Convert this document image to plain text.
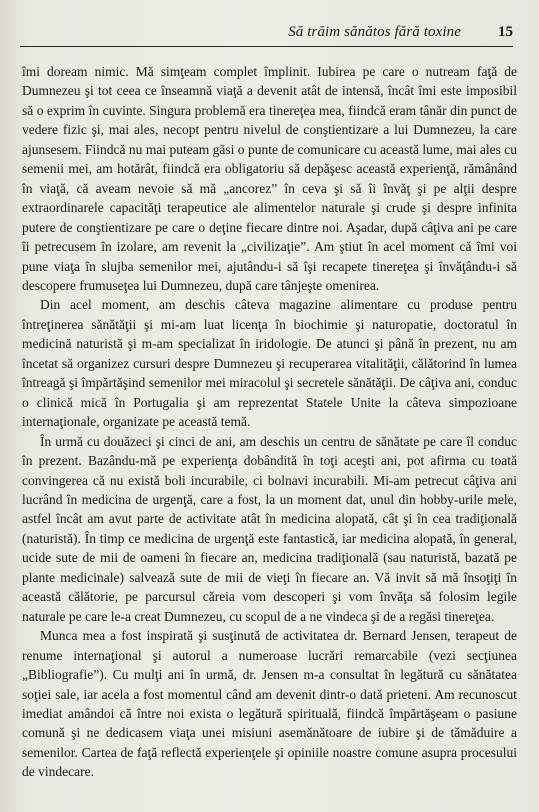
Să trăim sănătos fără toxine 15

îmi doream nimic. Mă simţeam complet împlinit. Iubirea pe care o nutream faţă de Dumnezeu şi tot ceea ce înseamnă viaţă a devenit atât de intensă, încât îmi este imposibil să o exprim în cuvinte. Singura problemă era tinereţea mea, fiindcă eram tânăr din punct de vedere fizic şi, mai ales, necopt pentru nivelul de conştientizare a lui Dumnezeu, la care ajunsesem. Fiindcă nu mai puteam găsi o punte de comunicare cu această lume, mai ales cu semenii mei, am hotărât, fiindcă era obligatoriu să depăşesc această experienţă, rămânând în viaţă, că aveam nevoie să mă „ancorez” în ceva şi să îi învăţ şi pe alţii despre extraordinarele capacităţi terapeutice ale alimentelor naturale şi crude şi despre infinita putere de conştientizare pe care o deţine fiecare dintre noi. Aşadar, după câţiva ani pe care îi petrecusem în izolare, am revenit la „civilizaţie”. Am ştiut în acel moment că îmi voi pune viaţa în slujba semenilor mei, ajutându-i să îşi recapete tinereţea şi învăţându-i să descopere frumuseţea lui Dumnezeu, după care tânjeşte omenirea.

Din acel moment, am deschis câteva magazine alimentare cu produse pentru întreţinerea sănătăţii şi mi-am luat licenţa în biochimie şi naturopatie, doctoratul în medicină naturistă şi m-am specializat în iridologie. De atunci şi până în prezent, nu am încetat să organizez cursuri despre Dumnezeu şi recuperarea vitalităţii, călătorind în lumea întreagă şi împărtăşind semenilor mei miracolul şi secretele sănătăţii. De câţiva ani, conduc o clinică mică în Portugalia şi am reprezentat Statele Unite la câteva simpozioane internaţionale, organizate pe această temă.

În urmă cu douăzeci şi cinci de ani, am deschis un centru de sănătate pe care îl conduc în prezent. Bazându-mă pe experienţa dobândită în toţi aceşti ani, pot afirma cu toată convingerea că nu există boli incurabile, ci bolnavi incurabili. Mi-am petrecut câţiva ani lucrând în medicina de urgenţă, care a fost, la un moment dat, unul din hobby-urile mele, astfel încât am avut parte de activitate atât în medicina alopată, cât şi în cea tradiţională (naturistă). În timp ce medicina de urgenţă este fantastică, iar medicina alopată, în general, ucide sute de mii de oameni în fiecare an, medicina tradiţională (sau naturistă, bazată pe plante medicinale) salvează sute de mii de vieţi în fiecare an. Vă invit să mă însoţiţi în această călătorie, pe parcursul căreia vom descoperi şi vom învăţa să folosim legile naturale pe care le-a creat Dumnezeu, cu scopul de a ne vindeca şi de a regăsi tinereţea.

Munca mea a fost inspirată şi susţinută de activitatea dr. Bernard Jensen, terapeut de renume internaţional şi autorul a numeroase lucrări remarcabile (vezi secţiunea „Bibliografie”). Cu mulţi ani în urmă, dr. Jensen m-a consultat în legătură cu sănătatea soţiei sale, iar acela a fost momentul când am devenit dintr-o dată prieteni. Am recunoscut imediat amândoi că între noi exista o legătură spirituală, fiindcă împărtăşeam o pasiune comună şi ne dedicasem viaţa unei misiuni asemănătoare de iubire şi de tămăduire a semenilor. Cartea de faţă reflectă experienţele şi opiniile noastre comune asupra procesului de vindecare.
